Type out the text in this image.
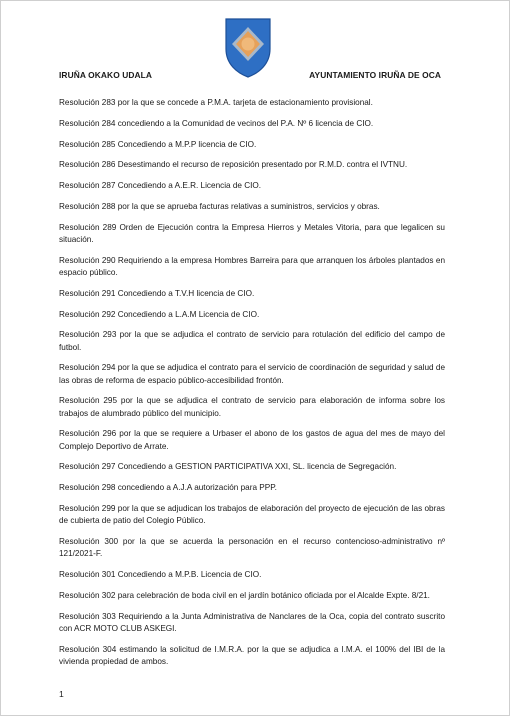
IRUÑA OKAKO UDALA	AYUNTAMIENTO IRUÑA DE OCA
Resolución 283 por la que se concede a P.M.A. tarjeta de estacionamiento provisional.
Resolución 284 concediendo a la Comunidad de vecinos del P.A. Nº 6 licencia de CIO.
Resolución 285 Concediendo a M.P.P licencia de CIO.
Resolución 286 Desestimando el recurso de reposición presentado por R.M.D. contra el IVTNU.
Resolución 287 Concediendo a A.E.R. Licencia de CIO.
Resolución 288 por la que se aprueba facturas relativas a suministros, servicios y obras.
Resolución 289 Orden de Ejecución contra la Empresa Hierros y Metales Vitoria, para que legalicen su situación.
Resolución 290 Requiriendo a la empresa Hombres Barreira para que arranquen los árboles plantados en espacio público.
Resolución 291 Concediendo a T.V.H licencia de CIO.
Resolución 292 Concediendo a L.A.M Licencia de CIO.
Resolución 293 por la que se adjudica el contrato de servicio para rotulación del edificio del campo de futbol.
Resolución 294 por la que se adjudica el contrato para el servicio de coordinación de seguridad y salud de las obras de reforma de espacio público-accesibilidad frontón.
Resolución 295 por la que se adjudica el contrato de servicio para elaboración de informa sobre los trabajos de alumbrado público del municipio.
Resolución 296 por la que se requiere a Urbaser el abono de los gastos de agua del mes de mayo del Complejo Deportivo de Arrate.
Resolución 297 Concediendo a GESTION PARTICIPATIVA XXI, SL. licencia de Segregación.
Resolución 298 concediendo a A.J.A autorización para PPP.
Resolución 299 por la que se adjudican los trabajos de elaboración del proyecto de ejecución de las obras de cubierta de patio del Colegio Público.
Resolución 300 por la que se acuerda la personación en el recurso contencioso-administrativo nº 121/2021-F.
Resolución 301 Concediendo a M.P.B. Licencia de CIO.
Resolución 302 para celebración de boda civil en el jardín botánico oficiada por el Alcalde Expte. 8/21.
Resolución 303 Requiriendo a la Junta Administrativa de Nanclares de la Oca, copia del contrato suscrito con ACR MOTO CLUB ASKEGI.
Resolución 304 estimando la solicitud de I.M.R.A. por la que se adjudica a I.M.A. el 100% del IBI de la vivienda propiedad de ambos.
1
